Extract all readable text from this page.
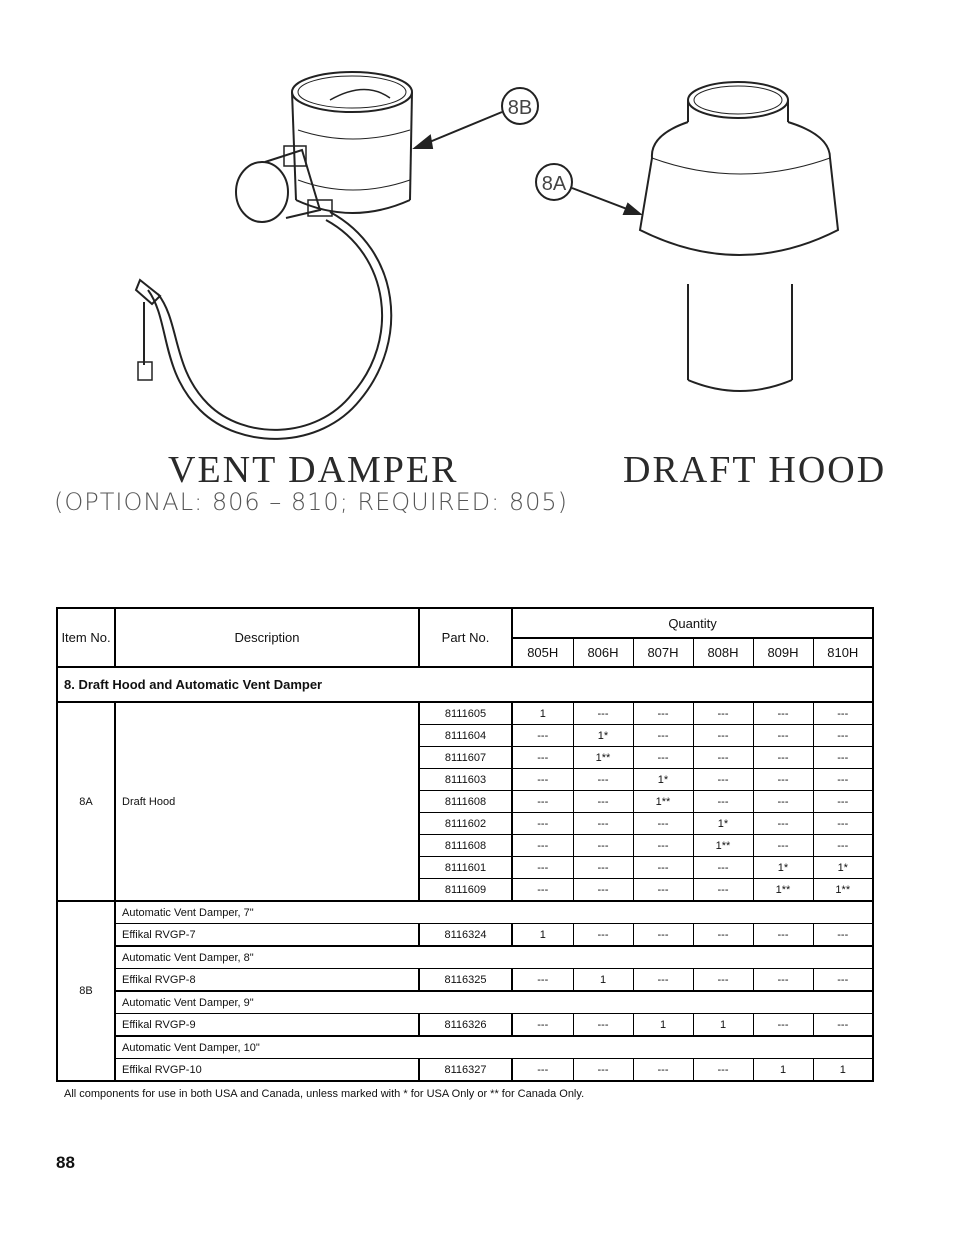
8B
8A
VENT DAMPER
(OPTIONAL: 806 – 810; REQUIRED: 805)
DRAFT HOOD
Item No.	Description	Part No.	Quantity					
			805H	806H	807H	808H	809H	810H
8. Draft Hood and Automatic Vent Damper								
8A	Draft Hood	8111605	1	---	---	---	---	---
		8111604	---	1*	---	---	---	---
		8111607	---	1**	---	---	---	---
		8111603	---	---	1*	---	---	---
		8111608	---	---	1**	---	---	---
		8111602	---	---	---	1*	---	---
		8111608	---	---	---	1**	---	---
		8111601	---	---	---	---	1*	1*
		8111609	---	---	---	---	1**	1**
8B	Automatic Vent Damper, 7"							
	Effikal RVGP-7	8116324	1	---	---	---	---	---
	Automatic Vent Damper, 8"							
	Effikal RVGP-8	8116325	---	1	---	---	---	---
	Automatic Vent Damper, 9"							
	Effikal RVGP-9	8116326	---	---	1	1	---	---
	Automatic Vent Damper, 10"							
	Effikal RVGP-10	8116327	---	---	---	---	1	1
All components for use in both USA and Canada, unless marked with * for USA Only or ** for Canada Only.
88
